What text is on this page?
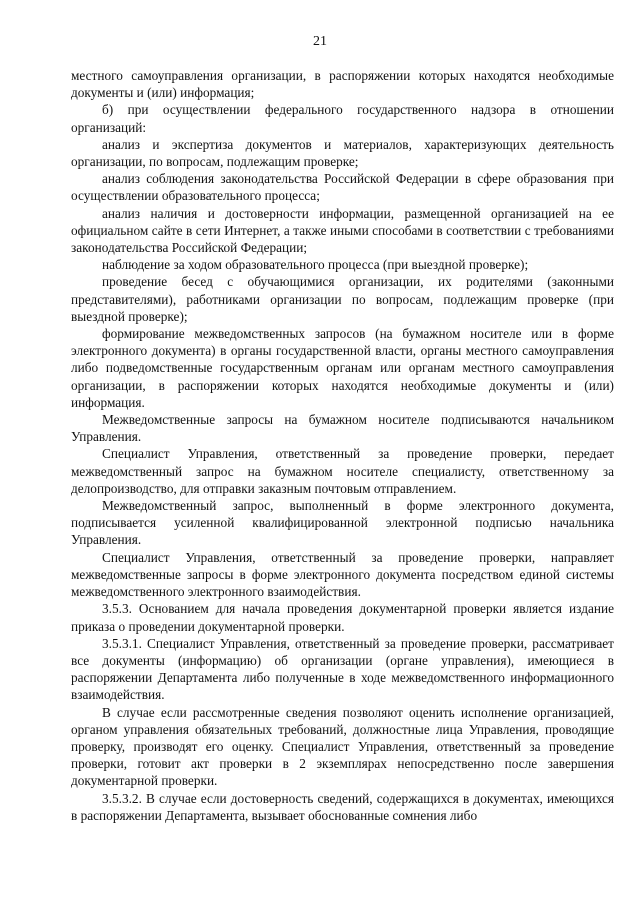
21

местного самоуправления организации, в распоряжении которых находятся необходимые документы и (или) информация;

б) при осуществлении федерального государственного надзора в отношении организаций:

анализ и экспертиза документов и материалов, характеризующих деятельность организации, по вопросам, подлежащим проверке;

анализ соблюдения законодательства Российской Федерации в сфере образования при осуществлении образовательного процесса;

анализ наличия и достоверности информации, размещенной организацией на ее официальном сайте в сети Интернет, а также иными способами в соответствии с требованиями законодательства Российской Федерации;

наблюдение за ходом образовательного процесса (при выездной проверке);

проведение бесед с обучающимися организации, их родителями (законными представителями), работниками организации по вопросам, подлежащим проверке (при выездной проверке);

формирование межведомственных запросов (на бумажном носителе или в форме электронного документа) в органы государственной власти, органы местного самоуправления либо подведомственные государственным органам или органам местного самоуправления организации, в распоряжении которых находятся необходимые документы и (или) информация.

Межведомственные запросы на бумажном носителе подписываются начальником Управления.

Специалист Управления, ответственный за проведение проверки, передает межведомственный запрос на бумажном носителе специалисту, ответственному за делопроизводство, для отправки заказным почтовым отправлением.

Межведомственный запрос, выполненный в форме электронного документа, подписывается усиленной квалифицированной электронной подписью начальника Управления.

Специалист Управления, ответственный за проведение проверки, направляет межведомственные запросы в форме электронного документа посредством единой системы межведомственного электронного взаимодействия.

3.5.3. Основанием для начала проведения документарной проверки является издание приказа о проведении документарной проверки.

3.5.3.1. Специалист Управления, ответственный за проведение проверки, рассматривает все документы (информацию) об организации (органе управления), имеющиеся в распоряжении Департамента либо полученные в ходе межведомственного информационного взаимодействия.

В случае если рассмотренные сведения позволяют оценить исполнение организацией, органом управления обязательных требований, должностные лица Управления, проводящие проверку, производят его оценку. Специалист Управления, ответственный за проведение проверки, готовит акт проверки в 2 экземплярах непосредственно после завершения документарной проверки.

3.5.3.2. В случае если достоверность сведений, содержащихся в документах, имеющихся в распоряжении Департамента, вызывает обоснованные сомнения либо
